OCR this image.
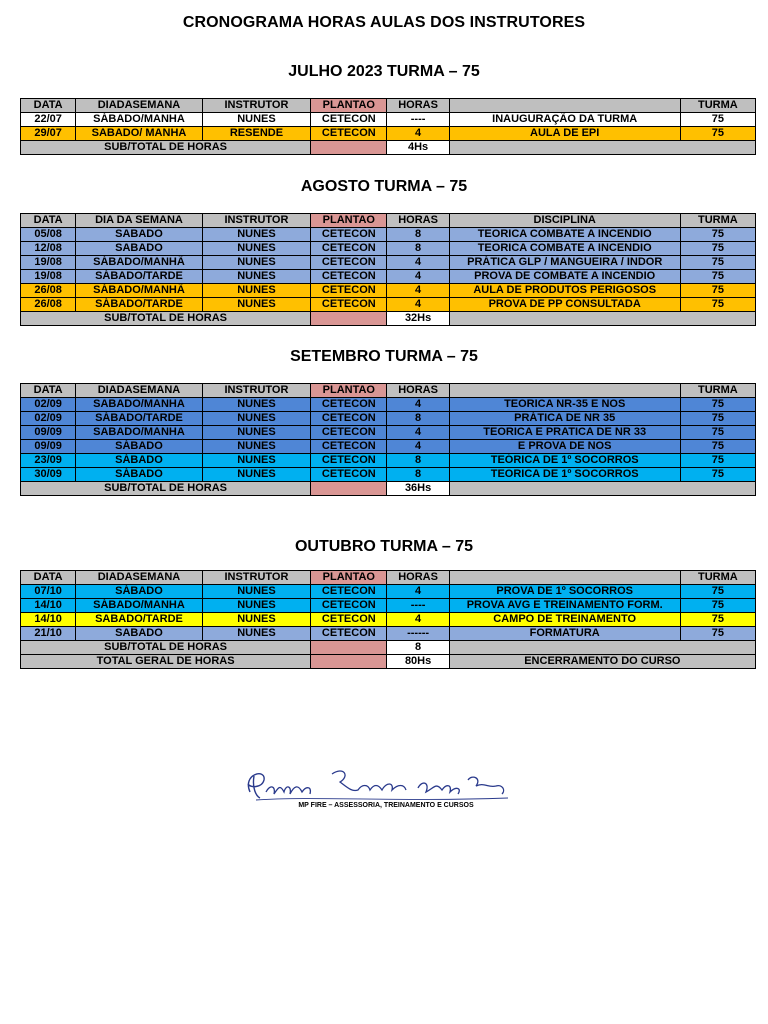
CRONOGRAMA HORAS AULAS DOS INSTRUTORES
JULHO 2023 TURMA – 75
AGOSTO TURMA – 75
SETEMBRO TURMA – 75
OUTUBRO TURMA – 75
DATA	DIADASEMANA	INSTRUTOR	PLANTAO	HORAS		TURMA
22/07	SÁBADO/MANHA	NUNES	CETECON	----	INAUGURAÇÃO DA TURMA	75
29/07	SABADO/ MANHA	RESENDE	CETECON	4	AULA DE EPI	75
SUB/TOTAL DE HORAS				4Hs		
DATA	DIA DA SEMANA	INSTRUTOR	PLANTAO	HORAS	DISCIPLINA	TURMA
05/08	SABADO	NUNES	CETECON	8	TEORICA COMBATE A INCENDIO	75
12/08	SABADO	NUNES	CETECON	8	TEORICA COMBATE A INCENDIO	75
19/08	SÁBADO/MANHÃ	NUNES	CETECON	4	PRÁTICA GLP / MANGUEIRA / INDOR	75
19/08	SÁBADO/TARDE	NUNES	CETECON	4	PROVA DE COMBATE A INCENDIO	75
26/08	SÁBADO/MANHÃ	NUNES	CETECON	4	AULA DE PRODUTOS PERIGOSOS	75
26/08	SÁBADO/TARDE	NUNES	CETECON	4	PROVA DE PP CONSULTADA	75
SUB/TOTAL DE HORAS				32Hs		
DATA	DIADASEMANA	INSTRUTOR	PLANTAO	HORAS		TURMA
02/09	SABADO/MANHA	NUNES	CETECON	4	TEORICA NR-35 E NOS	75
02/09	SÁBADO/TARDE	NUNES	CETECON	8	PRÁTICA DE NR 35	75
09/09	SABADO/MANHA	NUNES	CETECON	4	TEORICA E PRATICA DE NR 33	75
09/09	SÁBADO	NUNES	CETECON	4	E PROVA DE NOS	75
23/09	SÁBADO	NUNES	CETECON	8	TEÓRICA DE 1º SOCORROS	75
30/09	SÁBADO	NUNES	CETECON	8	TEORICA DE 1º SOCORROS	75
SUB/TOTAL DE HORAS				36Hs		
DATA	DIADASEMANA	INSTRUTOR	PLANTAO	HORAS		TURMA
07/10	SÁBADO	NUNES	CETECON	4	PROVA DE 1º SOCORROS	75
14/10	SÁBADO/MANHA	NUNES	CETECON	----	PROVA AVG E TREINAMENTO FORM.	75
14/10	SABADO/TARDE	NUNES	CETECON	4	CAMPO DE TREINAMENTO	75
21/10	SABADO	NUNES	CETECON	------	FORMATURA	75
SUB/TOTAL DE HORAS				8		
TOTAL GERAL DE HORAS				80Hs	ENCERRAMENTO DO CURSO	
MP FIRE – ASSESSORIA, TREINAMENTO E CURSOS
